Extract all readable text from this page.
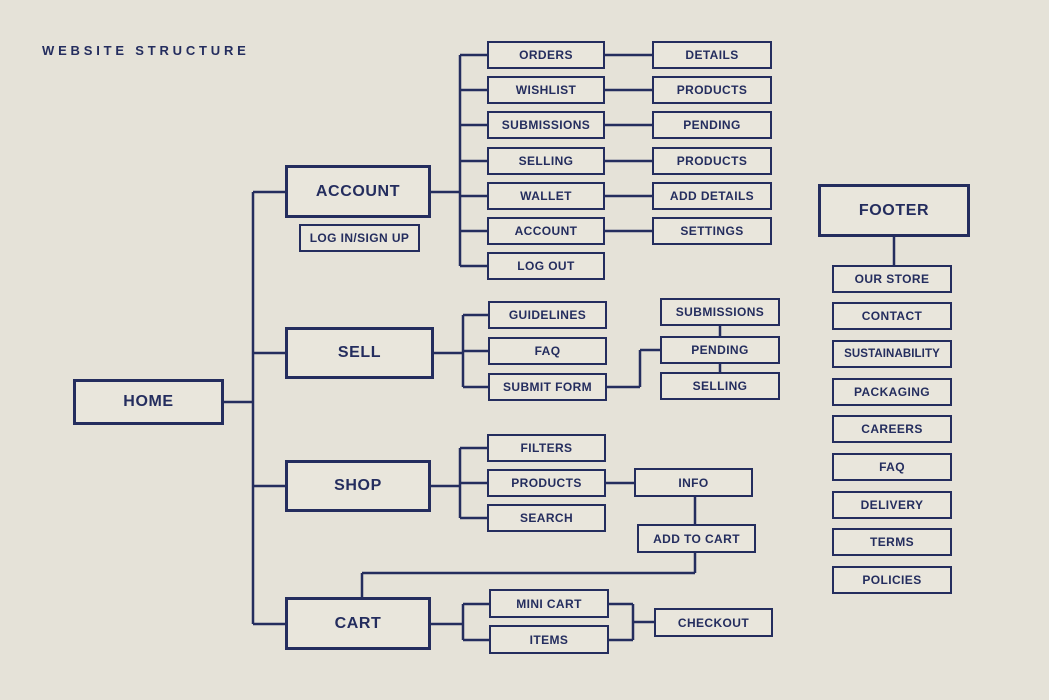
WEBSITE STRUCTURE
HOME
ACCOUNT
LOG IN/SIGN UP
ORDERS
WISHLIST
SUBMISSIONS
SELLING
WALLET
ACCOUNT
LOG OUT
DETAILS
PRODUCTS
PENDING
PRODUCTS
ADD DETAILS
SETTINGS
SELL
GUIDELINES
FAQ
SUBMIT FORM
SUBMISSIONS
PENDING
SELLING
SHOP
FILTERS
PRODUCTS
SEARCH
INFO
ADD TO CART
CART
MINI CART
ITEMS
CHECKOUT
FOOTER
OUR STORE
CONTACT
SUSTAINABILITY
PACKAGING
CAREERS
FAQ
DELIVERY
TERMS
POLICIES
